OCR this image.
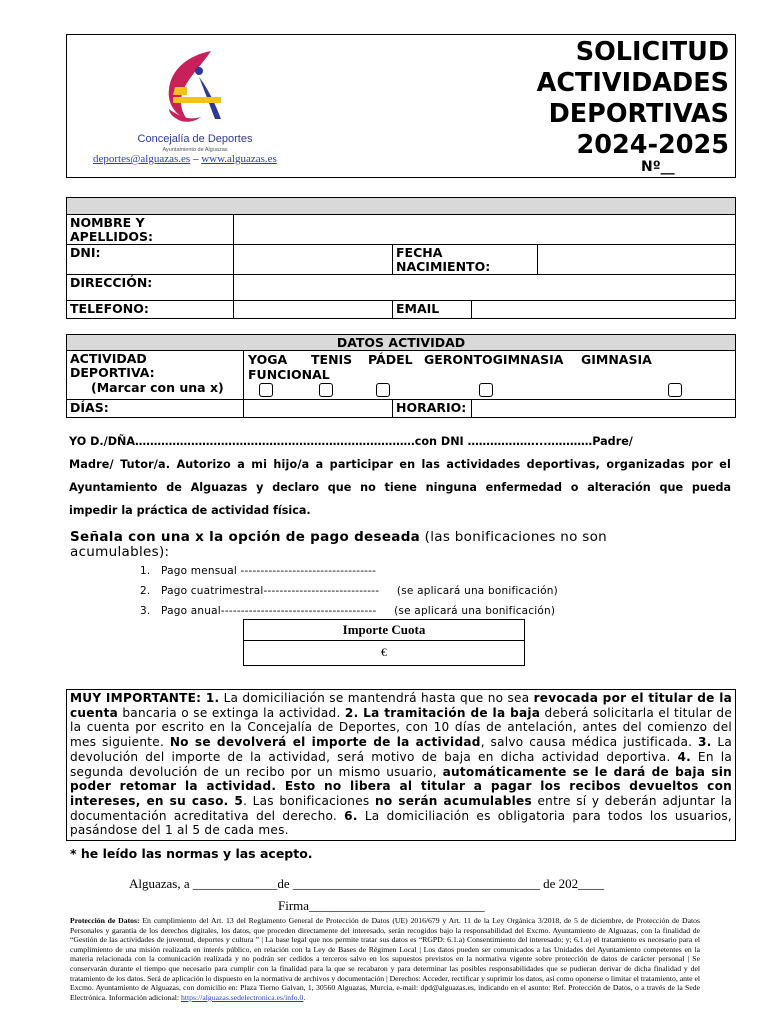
Concejalía de Deportes
Ayuntamiento de Alguazas
deportes@alguazas.es – www.alguazas.es
SOLICITUD
ACTIVIDADES
DEPORTIVAS
2024-2025
Nº__
NOMBRE Y APELLIDOS:
DNI:	FECHA NACIMIENTO:
DIRECCIÓN:
TELEFONO:	EMAIL
DATOS ACTIVIDAD
ACTIVIDAD
DEPORTIVA:
(Marcar con una x)
YOGA TENIS PÁDEL GERONTOGIMNASIA GIMNASIA
FUNCIONAL
DÍAS:	HORARIO:
YO D./DÑA…………………………………………………………………con DNI ………………...…………Padre/
Madre/ Tutor/a. Autorizo a mi hijo/a a participar en las actividades deportivas, organizadas por el
Ayuntamiento de Alguazas y declaro que no tiene ninguna enfermedad o alteración que pueda
impedir la práctica de actividad física.
Señala con una x la opción de pago deseada (las bonificaciones no son
acumulables):
1. Pago mensual ----------------------------------
2. Pago cuatrimestral----------------------------- (se aplicará una bonificación)
3. Pago anual--------------------------------------- (se aplicará una bonificación)
Importe Cuota
€
MUY IMPORTANTE: 1. La domiciliación se mantendrá hasta que no sea revocada por el titular de la cuenta bancaria o se extinga la actividad. 2. La tramitación de la baja deberá solicitarla el titular de la cuenta por escrito en la Concejalía de Deportes, con 10 días de antelación, antes del comienzo del mes siguiente. No se devolverá el importe de la actividad, salvo causa médica justificada. 3. La devolución del importe de la actividad, será motivo de baja en dicha actividad deportiva. 4. En la segunda devolución de un recibo por un mismo usuario, automáticamente se le dará de baja sin poder retomar la actividad. Esto no libera al titular a pagar los recibos devueltos con intereses, en su caso. 5. Las bonificaciones no serán acumulables entre sí y deberán adjuntar la documentación acreditativa del derecho. 6. La domiciliación es obligatoria para todos los usuarios, pasándose del 1 al 5 de cada mes.
* he leído las normas y las acepto.
Alguazas, a _____________de ______________________________________ de 202____
Firma___________________________
Protección de Datos: En cumplimiento del Art. 13 del Reglamento General de Protección de Datos (UE) 2016/679 y Art. 11 de la Ley Orgánica 3/2018, de 5 de diciembre, de Protección de Datos Personales y garantía de los derechos digitales, los datos, que proceden directamente del interesado, serán recogidos bajo la responsabilidad del Excmo. Ayuntamiento de Alguazas, con la finalidad de “Gestión de las actividades de juventud, deportes y cultura ” | La base legal que nos permite tratar sus datos es “RGPD: 6.1.a) Consentimiento del interesado; y; 6.1.e) el tratamiento es necesario para el cumplimiento de una misión realizada en interés público, en relación con la Ley de Bases de Régimen Local | Los datos pueden ser comunicados a las Unidades del Ayuntamiento competentes en la materia relacionada con la comunicación realizada y no podrán ser cedidos a terceros salvo en los supuestos previstos en la normativa vigente sobre protección de datos de carácter personal | Se conservarán durante el tiempo que necesario para cumplir con la finalidad para la que se recabaron y para determinar las posibles responsabilidades que se pudieran derivar de dicha finalidad y del tratamiento de los datos. Será de aplicación lo dispuesto en la normativa de archivos y documentación | Derechos: Acceder, rectificar y suprimir los datos, así como oponerse o limitar el tratamiento, ante el Excmo. Ayuntamiento de Alguazas, con domicilio en: Plaza Tierno Galvan, 1, 30560 Alguazas, Murcia, e-mail: dpd@alguazas.es, indicando en el asunto: Ref. Protección de Datos, o a través de la Sede Electrónica. Información adicional: https://alguazas.sedelectronica.es/info.0.
